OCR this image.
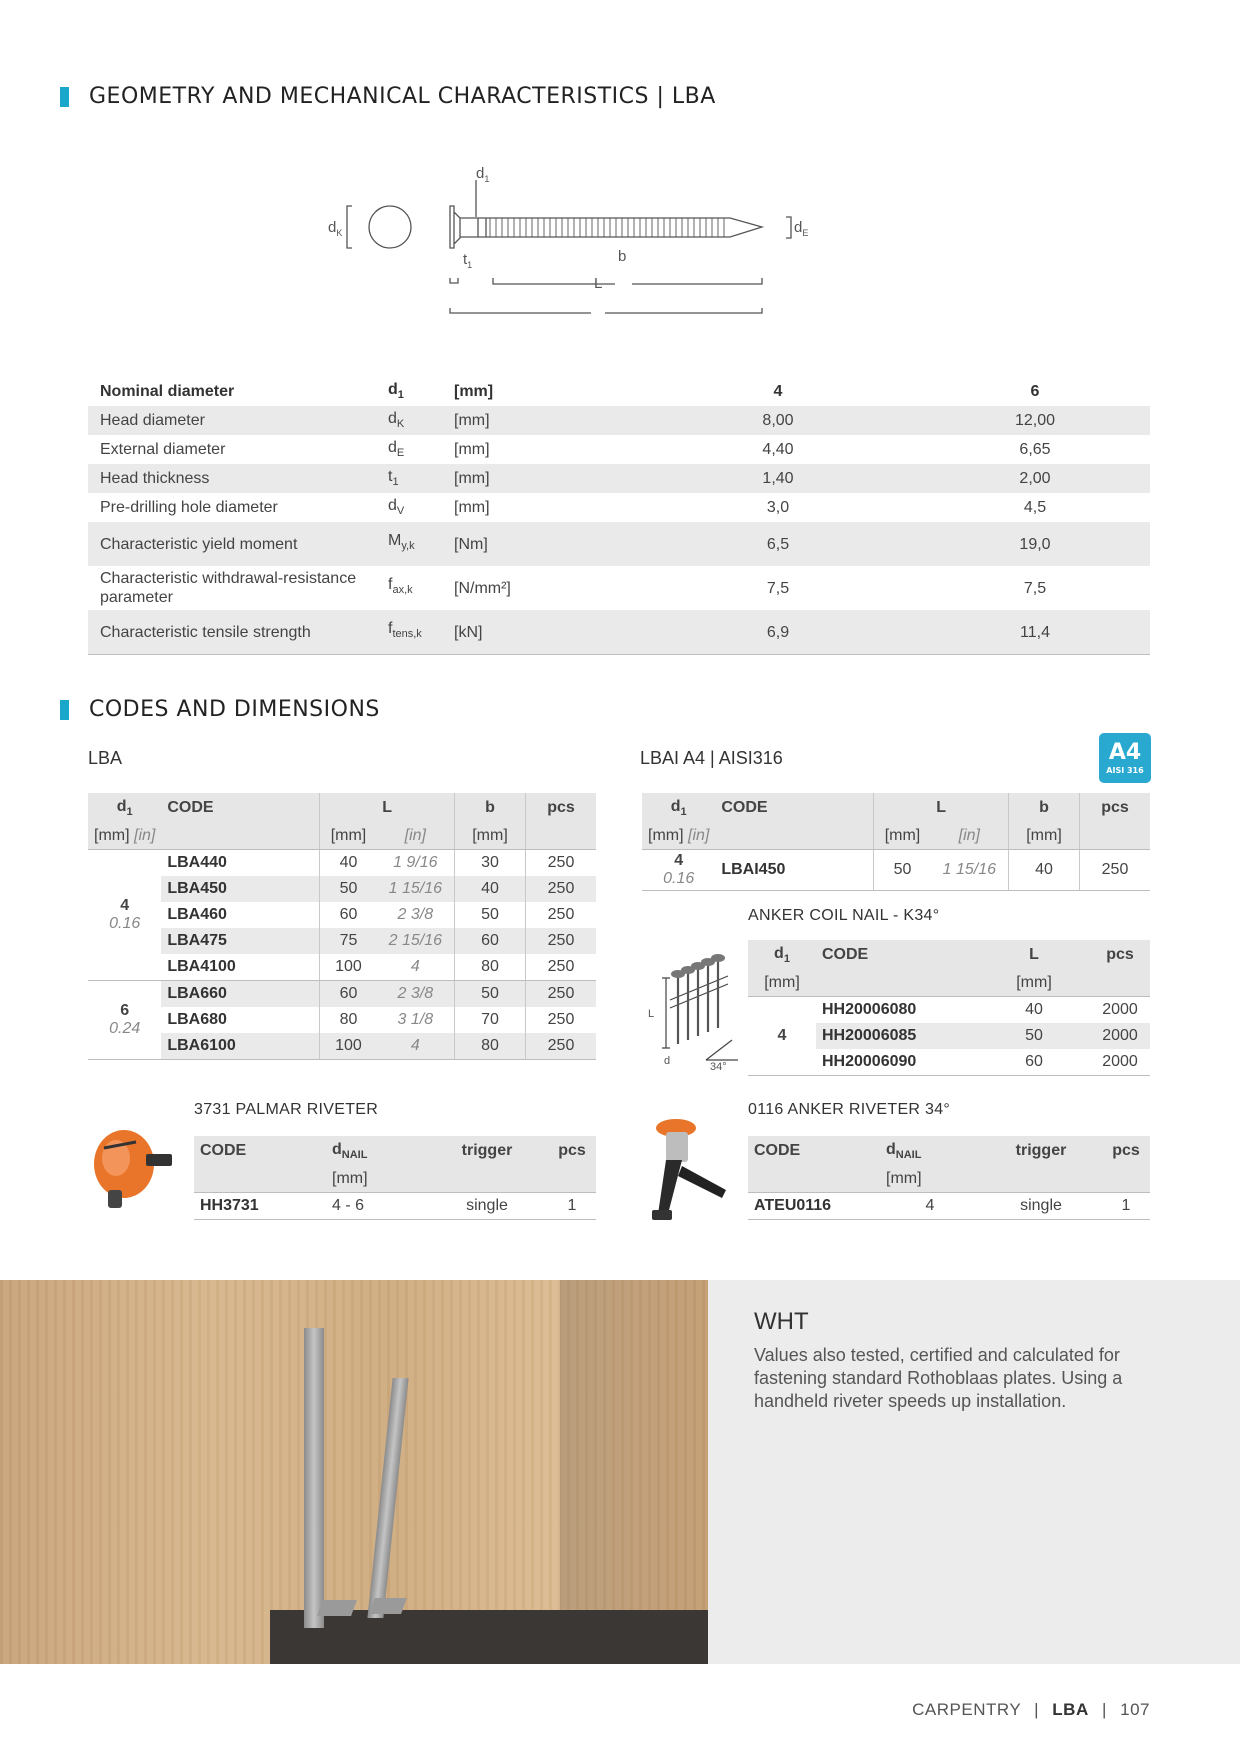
GEOMETRY AND MECHANICAL CHARACTERISTICS | LBA
$d_K$
$d_1$
$d_E$
$t_1$	b
L
Nominal diameter	$d_1$	[mm]	4	6
Head diameter	$d_K$	[mm]	8,00	12,00
External diameter	$d_E$	[mm]	4,40	6,65
Head thickness	$t_1$	[mm]	1,40	2,00
Pre-drilling hole diameter	$d_V$	[mm]	3,0	4,5
Characteristic yield moment	$M_{y,k}$	[Nm]	6,5	19,0
Characteristic withdrawal-resistance parameter	$f_{ax,k}$	[N/mm²]	7,5	7,5
Characteristic tensile strength	$f_{tens,k}$	[kN]	6,9	11,4
CODES AND DIMENSIONS
LBA
$d_1$	CODE	L		b	pcs
[mm] [in]		[mm]	[in]	[mm]	

4
0.16	LBA440	40	1 9/16	30	250
	LBA450	50	1 15/16	40	250
	LBA460	60	2 3/8	50	250
	LBA475	75	2 15/16	60	250
	LBA4100	100	4	80	250

6
0.24	LBA660	60	2 3/8	50	250
	LBA680	80	3 1/8	70	250
	LBA6100	100	4	80	250
LBAI A4 | AISI316	A4
AISI 316
$d_1$	CODE	L		b	pcs
[mm] [in]		[mm]	[in]	[mm]	

4
0.16	LBAI450	50	1 15/16	40	250
ANKER COIL NAIL - K34°
L
d	34°
$d_1$	CODE	L	pcs
[mm]		[mm]	
4	HH20006080	40	2000
	HH20006085	50	2000
	HH20006090	60	2000
3731 PALMAR RIVETER
CODE	$d_{NAIL}$	trigger	pcs
	[mm]		
HH3731	4 - 6	single	1
0116 ANKER RIVETER 34°
CODE	$d_{NAIL}$	trigger	pcs
	[mm]		
ATEU0116	4	single	1
WHT
Values also tested, certified and calculated for fastening standard Rothoblaas plates. Using a handheld riveter speeds up installation.
CARPENTRY | LBA | 107
